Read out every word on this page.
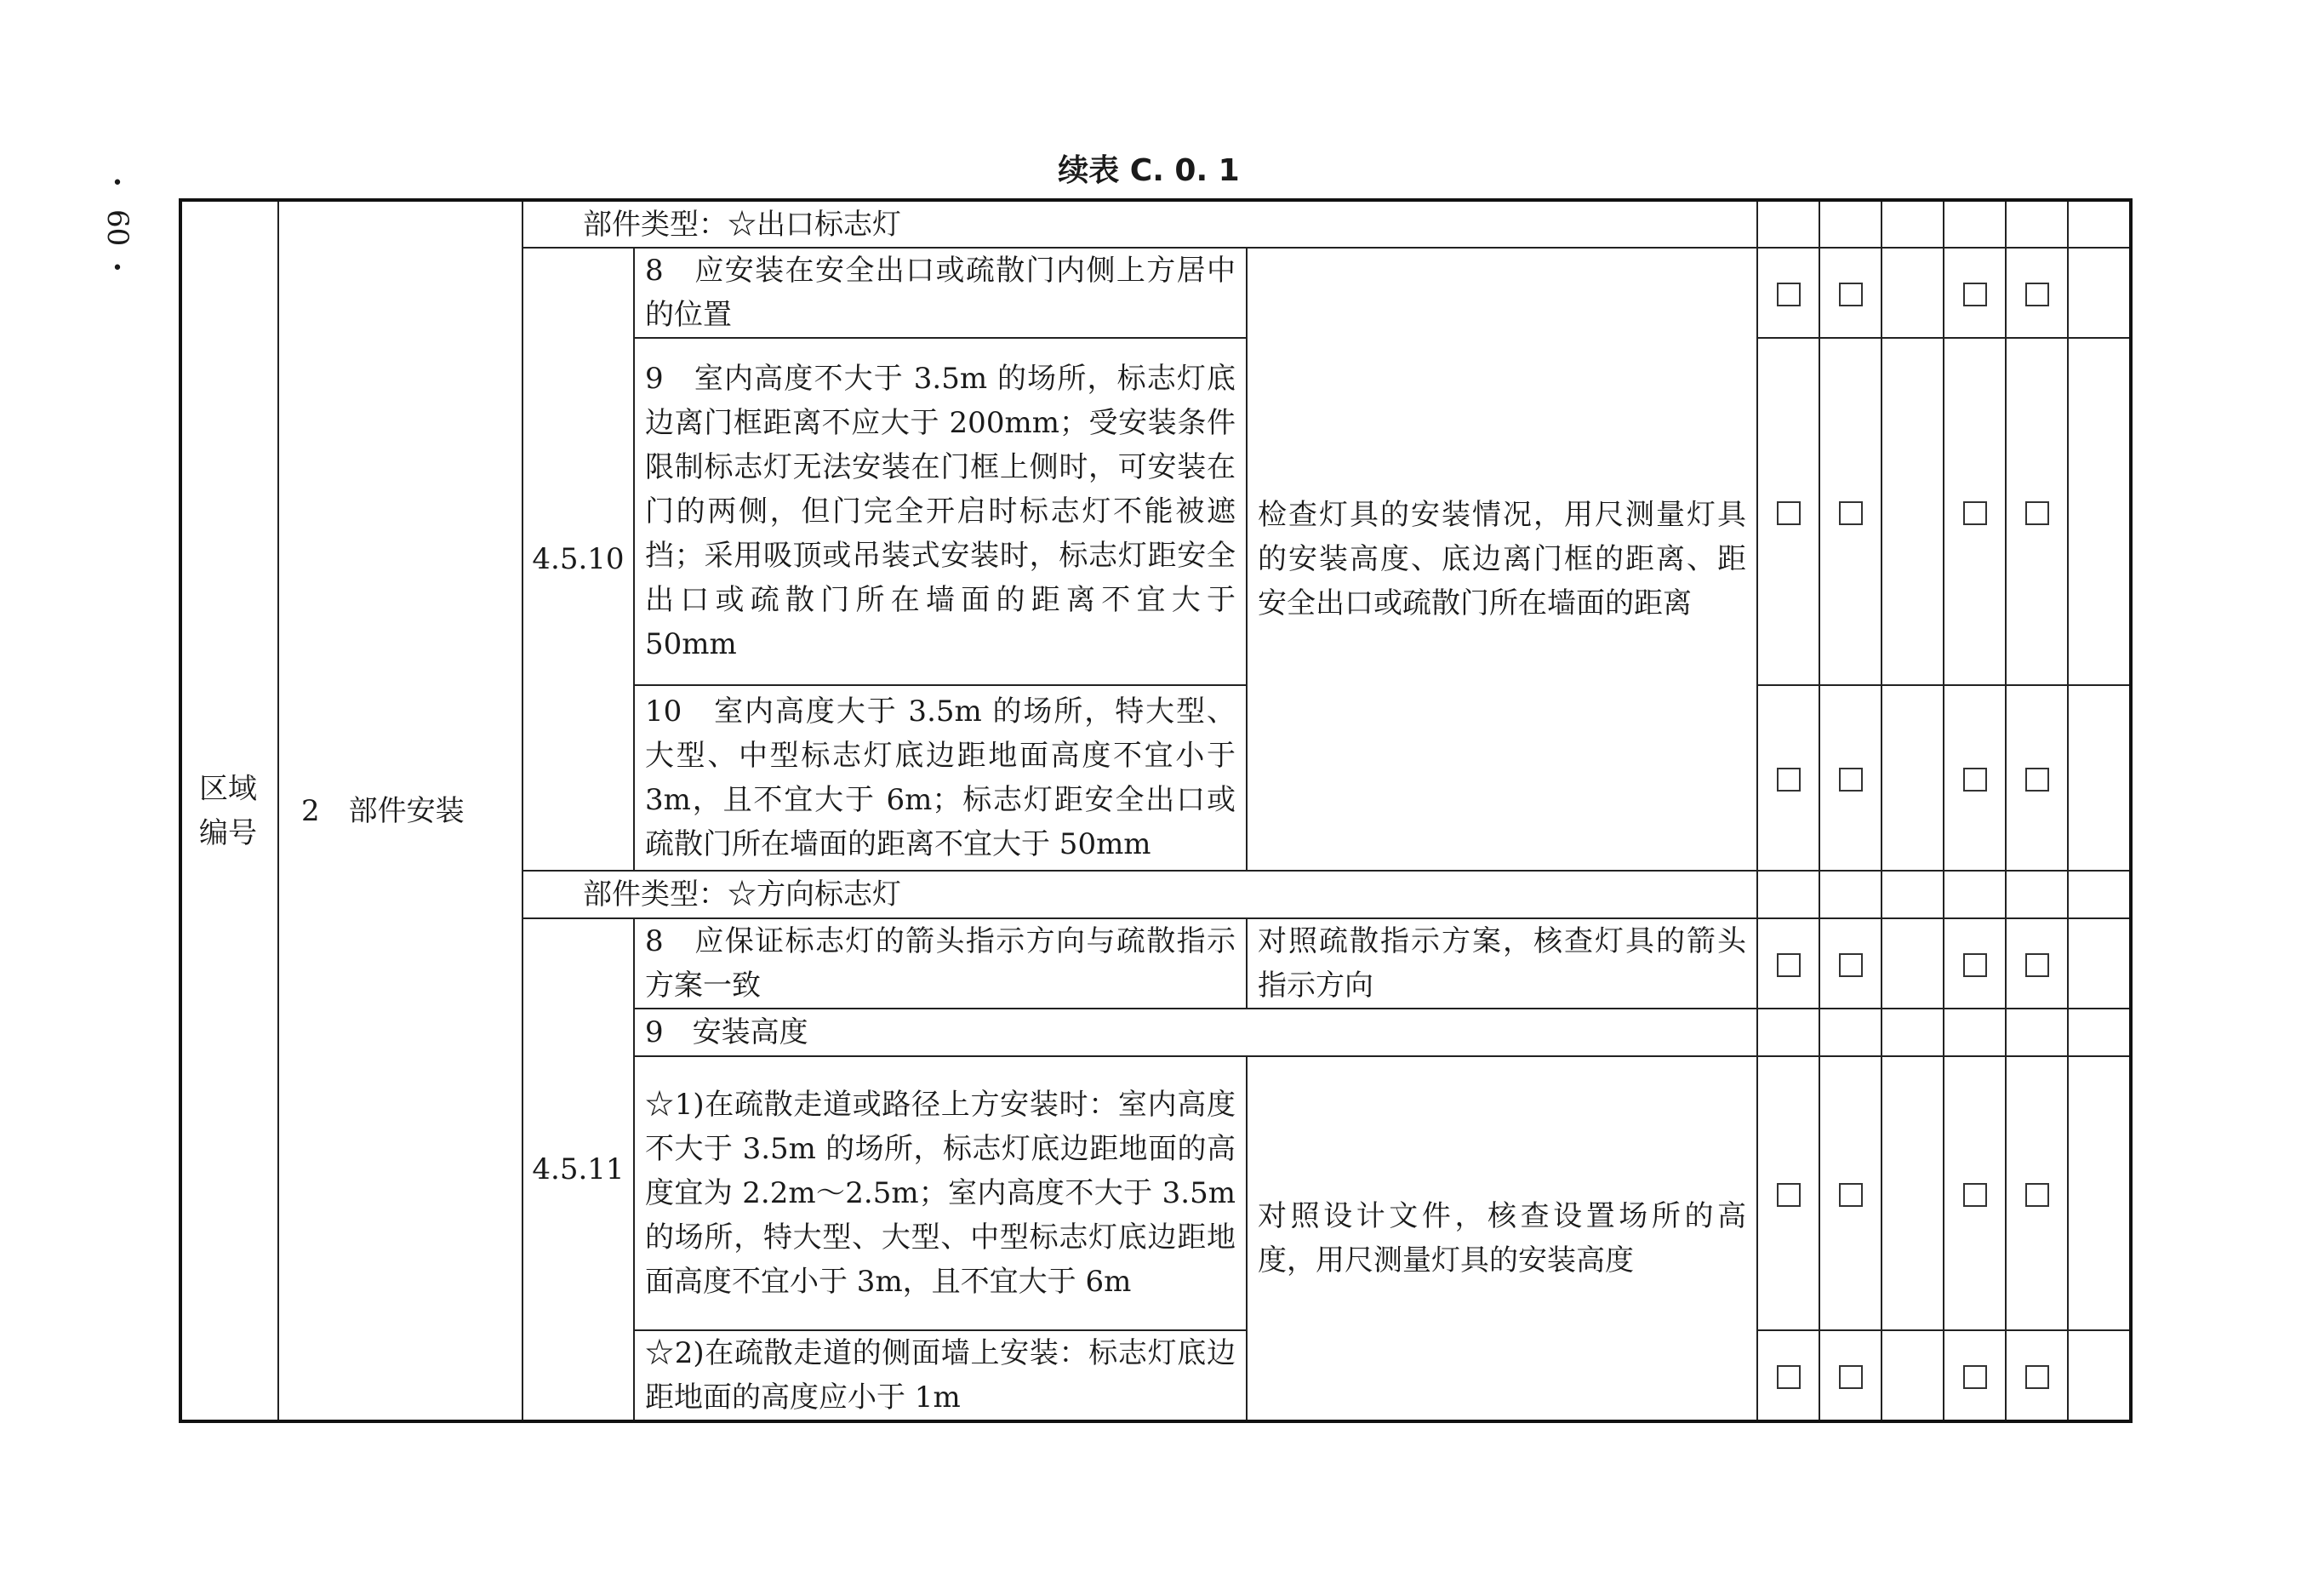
•
60
•
续表 C. 0. 1
区域编号	2　部件安装	部件类型：☆出口标志灯								
		4.5.10	8　应安装在安全出口或疏散门内侧上方居中的位置	检查灯具的安装情况，用尺测量灯具的安装高度、底边离门框的距离、距安全出口或疏散门所在墙面的距离						
			9　室内高度不大于 3.5m 的场所，标志灯底边离门框距离不应大于 200mm；受安装条件限制标志灯无法安装在门框上侧时，可安装在门的两侧，但门完全开启时标志灯不能被遮挡；采用吸顶或吊装式安装时，标志灯距安全出口或疏散门所在墙面的距离不宜大于 50mm							
			10　室内高度大于 3.5m 的场所，特大型、大型、中型标志灯底边距地面高度不宜小于 3m，且不宜大于 6m；标志灯距安全出口或疏散门所在墙面的距离不宜大于 50mm							
		部件类型：☆方向标志灯								
		4.5.11	8　应保证标志灯的箭头指示方向与疏散指示方案一致	对照疏散指示方案，核查灯具的箭头指示方向						
			9　安装高度							
			☆1)在疏散走道或路径上方安装时：室内高度不大于 3.5m 的场所，标志灯底边距地面的高度宜为 2.2m～2.5m；室内高度不大于 3.5m 的场所，特大型、大型、中型标志灯底边距地面高度不宜小于 3m，且不宜大于 6m	对照设计文件，核查设置场所的高度，用尺测量灯具的安装高度						
			☆2)在疏散走道的侧面墙上安装：标志灯底边距地面的高度应小于 1m							
